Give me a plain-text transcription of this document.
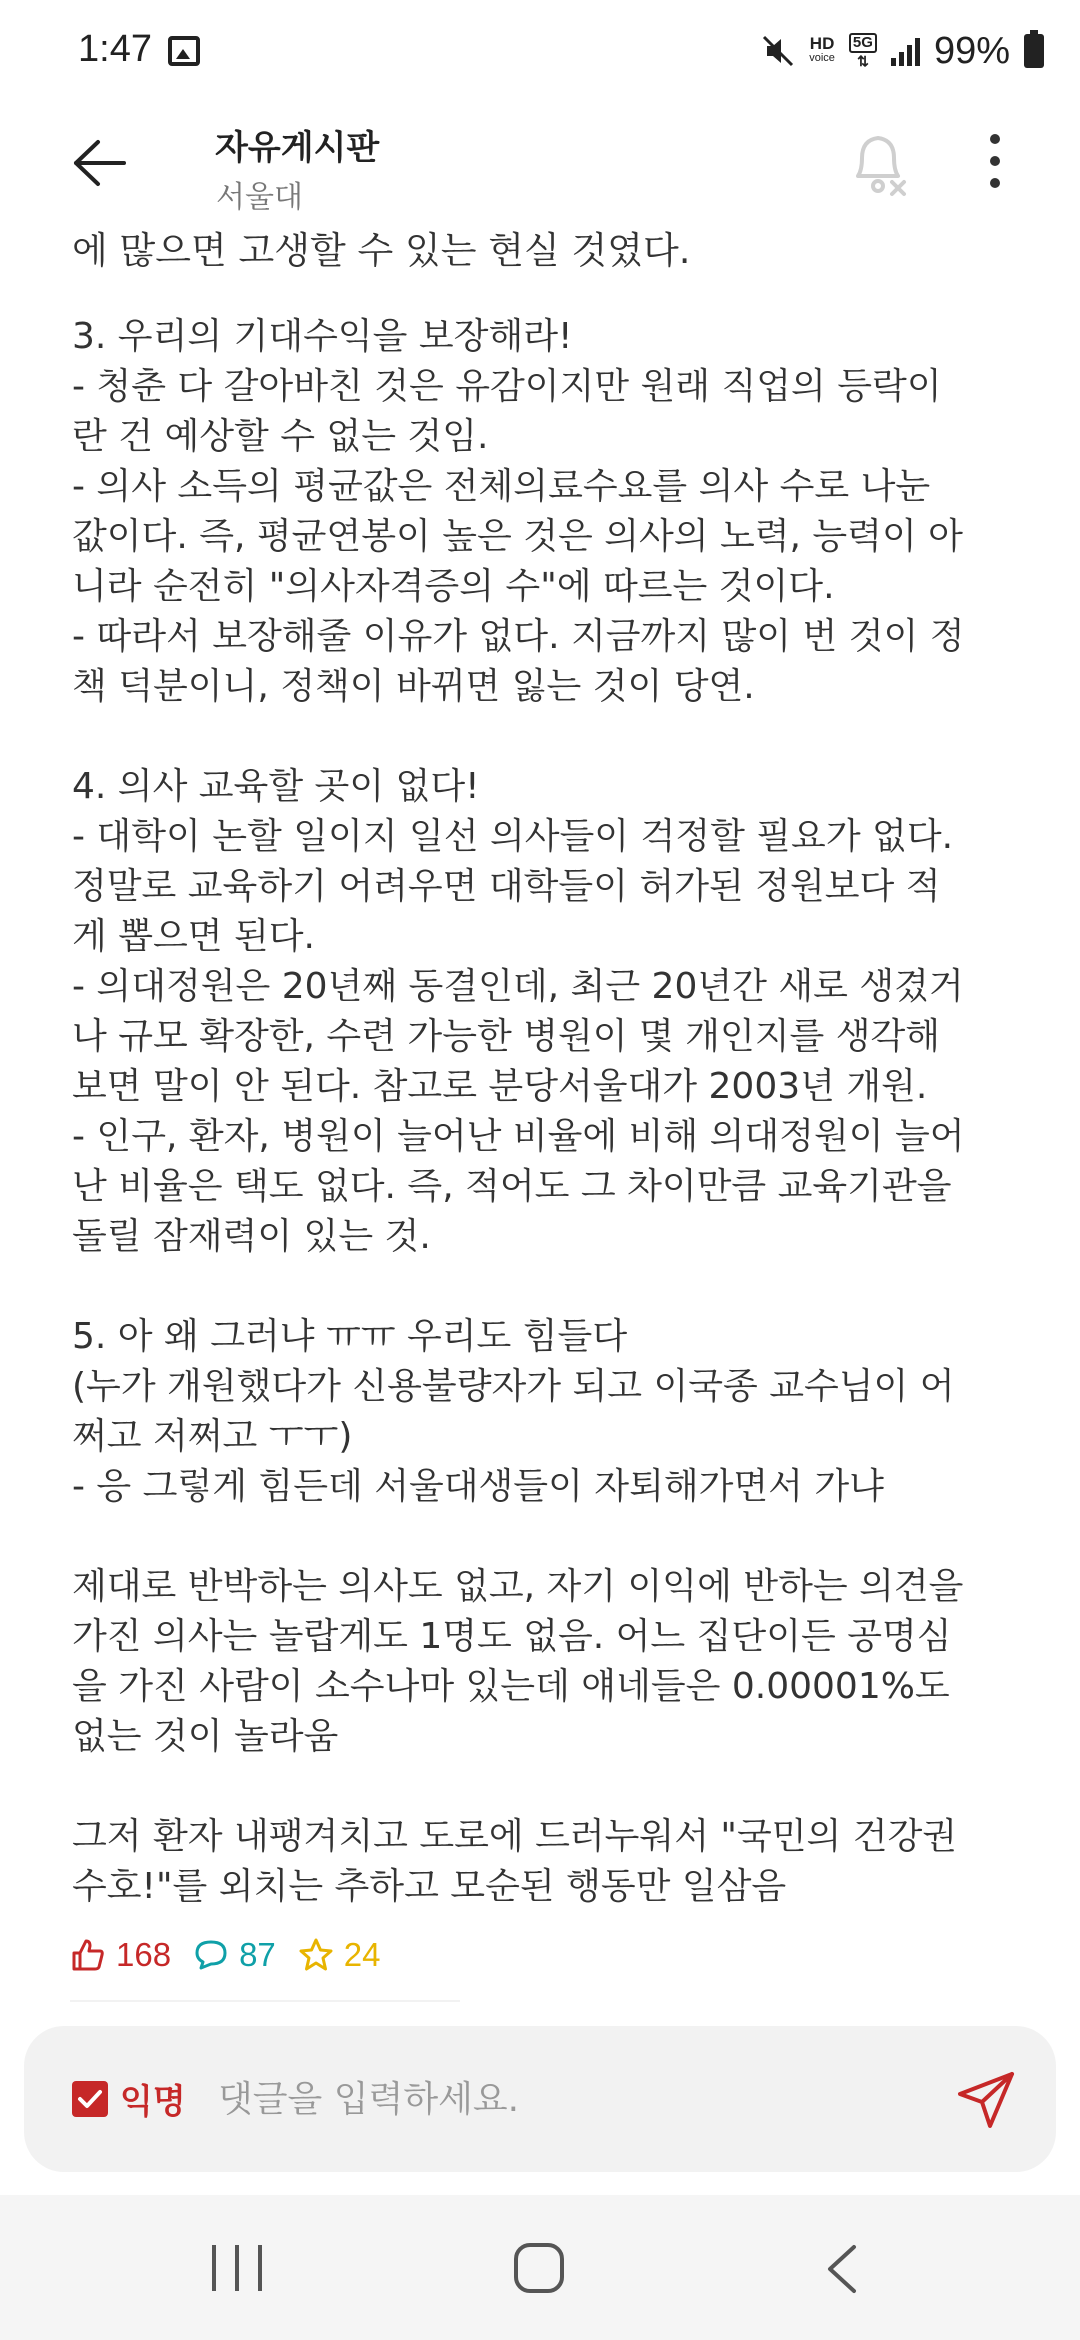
1:47	HD
voice
5G
⇅ 99%
자유게시판
서울대
에 많으면 고생할 수 있는 현실 것였다.
3. 우리의 기대수익을 보장해라!
- 청춘 다 갈아바친 것은 유감이지만 원래 직업의 등락이
란 건 예상할 수 없는 것임.
- 의사 소득의 평균값은 전체의료수요를 의사 수로 나눈
값이다. 즉, 평균연봉이 높은 것은 의사의 노력, 능력이 아
니라 순전히 "의사자격증의 수"에 따르는 것이다.
- 따라서 보장해줄 이유가 없다. 지금까지 많이 번 것이 정
책 덕분이니, 정책이 바뀌면 잃는 것이 당연.

4. 의사 교육할 곳이 없다!
- 대학이 논할 일이지 일선 의사들이 걱정할 필요가 없다.
정말로 교육하기 어려우면 대학들이 허가된 정원보다 적
게 뽑으면 된다.
- 의대정원은 20년째 동결인데, 최근 20년간 새로 생겼거
나 규모 확장한, 수련 가능한 병원이 몇 개인지를 생각해
보면 말이 안 된다. 참고로 분당서울대가 2003년 개원.
- 인구, 환자, 병원이 늘어난 비율에 비해 의대정원이 늘어
난 비율은 택도 없다. 즉, 적어도 그 차이만큼 교육기관을
돌릴 잠재력이 있는 것.

5. 아 왜 그러냐 ㅠㅠ 우리도 힘들다
(누가 개원했다가 신용불량자가 되고 이국종 교수님이 어
쩌고 저쩌고 ㅜㅜ)
- 응 그렇게 힘든데 서울대생들이 자퇴해가면서 가냐

제대로 반박하는 의사도 없고, 자기 이익에 반하는 의견을
가진 의사는 놀랍게도 1명도 없음. 어느 집단이든 공명심
을 가진 사람이 소수나마 있는데 얘네들은 0.00001%도
없는 것이 놀라움

그저 환자 내팽겨치고 도로에 드러누워서 "국민의 건강권
수호!"를 외치는 추하고 모순된 행동만 일삼음
168 87 24
익명
댓글을 입력하세요.
